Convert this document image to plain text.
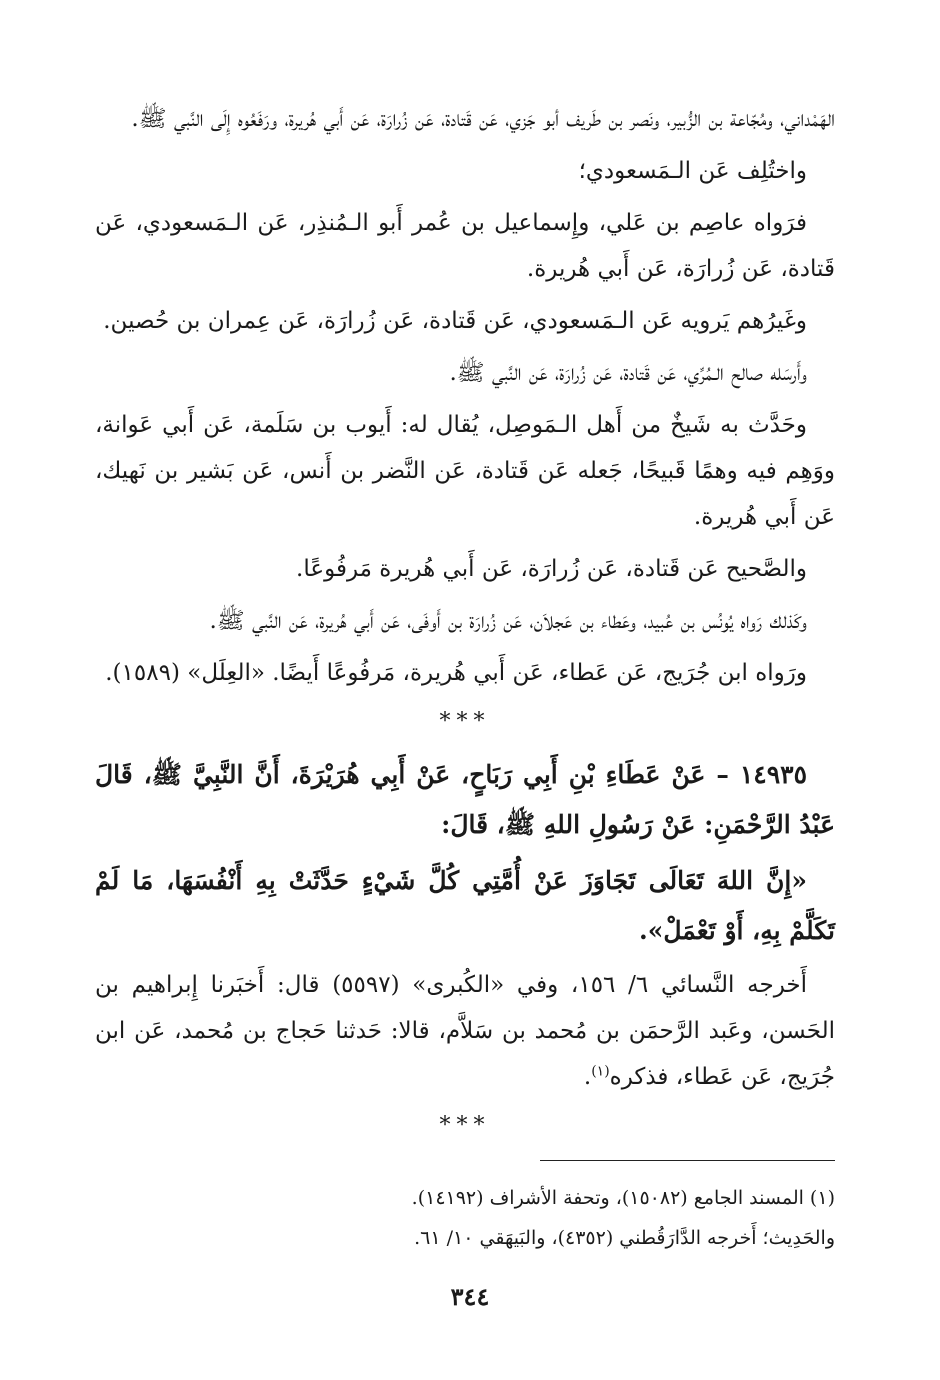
الهَمْداني، ومُجّاعة بن الزُّبير، ونَصر بن طَريف أبو جَزي، عَن قَتادة، عَن زُرارَة، عَن أَبي هُريرة، ورَفَعُوه إِلَى النَّبي ﷺ.

واختُلِف عَن الـمَسعودي؛

فرَواه عاصِم بن عَلي، وإِسماعيل بن عُمر أَبو الـمُنذِر، عَن الـمَسعودي، عَن قَتادة، عَن زُرارَة، عَن أَبي هُريرة.

وغَيرُهم يَرويه عَن الـمَسعودي، عَن قَتادة، عَن زُرارَة، عَن عِمران بن حُصين.

وأَرسَله صالح الـمُرِّي، عَن قَتادة، عَن زُرارَة، عَن النَّبي ﷺ.

وحَدَّث به شَيخٌ من أَهل الـمَوصِل، يُقال له: أَيوب بن سَلَمة، عَن أَبي عَوانة، ووَهِم فيه وهمًا قَبيحًا، جَعله عَن قَتادة، عَن النَّضر بن أَنس، عَن بَشير بن نَهيك، عَن أَبي هُريرة.

والصَّحيح عَن قَتادة، عَن زُرارَة، عَن أَبي هُريرة مَرفُوعًا.

وكَذلك رَواه يُونُس بن عُبيد، وعَطاء بن عَجلاَن، عَن زُرارَة بن أَوفَى، عَن أَبي هُريرة، عَن النَّبي ﷺ.

ورَواه ابن جُرَيج، عَن عَطاء، عَن أَبي هُريرة، مَرفُوعًا أَيضًا. «العِلَل» (١٥٨٩).

***

١٤٩٣٥ – عَنْ عَطَاءِ بْنِ أَبِي رَبَاحٍ، عَنْ أَبِي هُرَيْرَةَ، أَنَّ النَّبِيَّ ﷺ، قَالَ عَبْدُ الرَّحْمَنِ: عَنْ رَسُولِ اللهِ ﷺ، قَالَ:

«إِنَّ اللهَ تَعَالَى تَجَاوَزَ عَنْ أُمَّتِي كُلَّ شَيْءٍ حَدَّثَتْ بِهِ أَنْفُسَهَا، مَا لَمْ تَكَلَّمْ بِهِ، أَوْ تَعْمَلْ».

أَخرجه النَّسائي ٦/ ١٥٦، وفي «الكُبرى» (٥٥٩٧) قال: أَخبَرنا إِبراهيم بن الحَسن، وعَبد الرَّحمَن بن مُحمد بن سَلاَّم، قالا: حَدثنا حَجاج بن مُحمد، عَن ابن جُرَيج، عَن عَطاء، فذكره$^{(١)}$.

***

(١) المسند الجامع (١٥٠٨٢)، وتحفة الأشراف (١٤١٩٢).

والحَدِيث؛ أَخرجه الدَّارَقُطني (٤٣٥٢)، والبَيهَقي ١٠/ ٦١.

٣٤٤
